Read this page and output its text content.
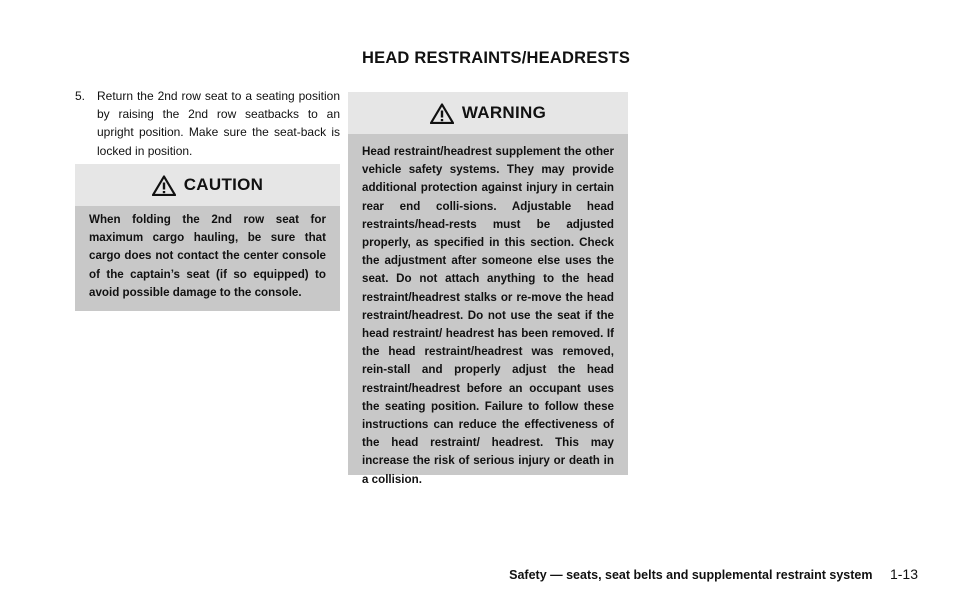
HEAD RESTRAINTS/HEADRESTS
5. Return the 2nd row seat to a seating position by raising the 2nd row seatbacks to an upright position. Make sure the seat-back is locked in position.
CAUTION
When folding the 2nd row seat for maximum cargo hauling, be sure that cargo does not contact the center console of the captain’s seat (if so equipped) to avoid possible damage to the console.
WARNING
Head restraint/headrest supplement the other vehicle safety systems. They may provide additional protection against injury in certain rear end colli-sions. Adjustable head restraints/head-rests must be adjusted properly, as specified in this section. Check the adjustment after someone else uses the seat. Do not attach anything to the head restraint/headrest stalks or re-move the head restraint/headrest. Do not use the seat if the head restraint/ headrest has been removed. If the head restraint/headrest was removed, rein-stall and properly adjust the head restraint/headrest before an occupant uses the seating position. Failure to follow these instructions can reduce the effectiveness of the head restraint/ headrest. This may increase the risk of serious injury or death in a collision.
Safety — seats, seat belts and supplemental restraint system 1-13
